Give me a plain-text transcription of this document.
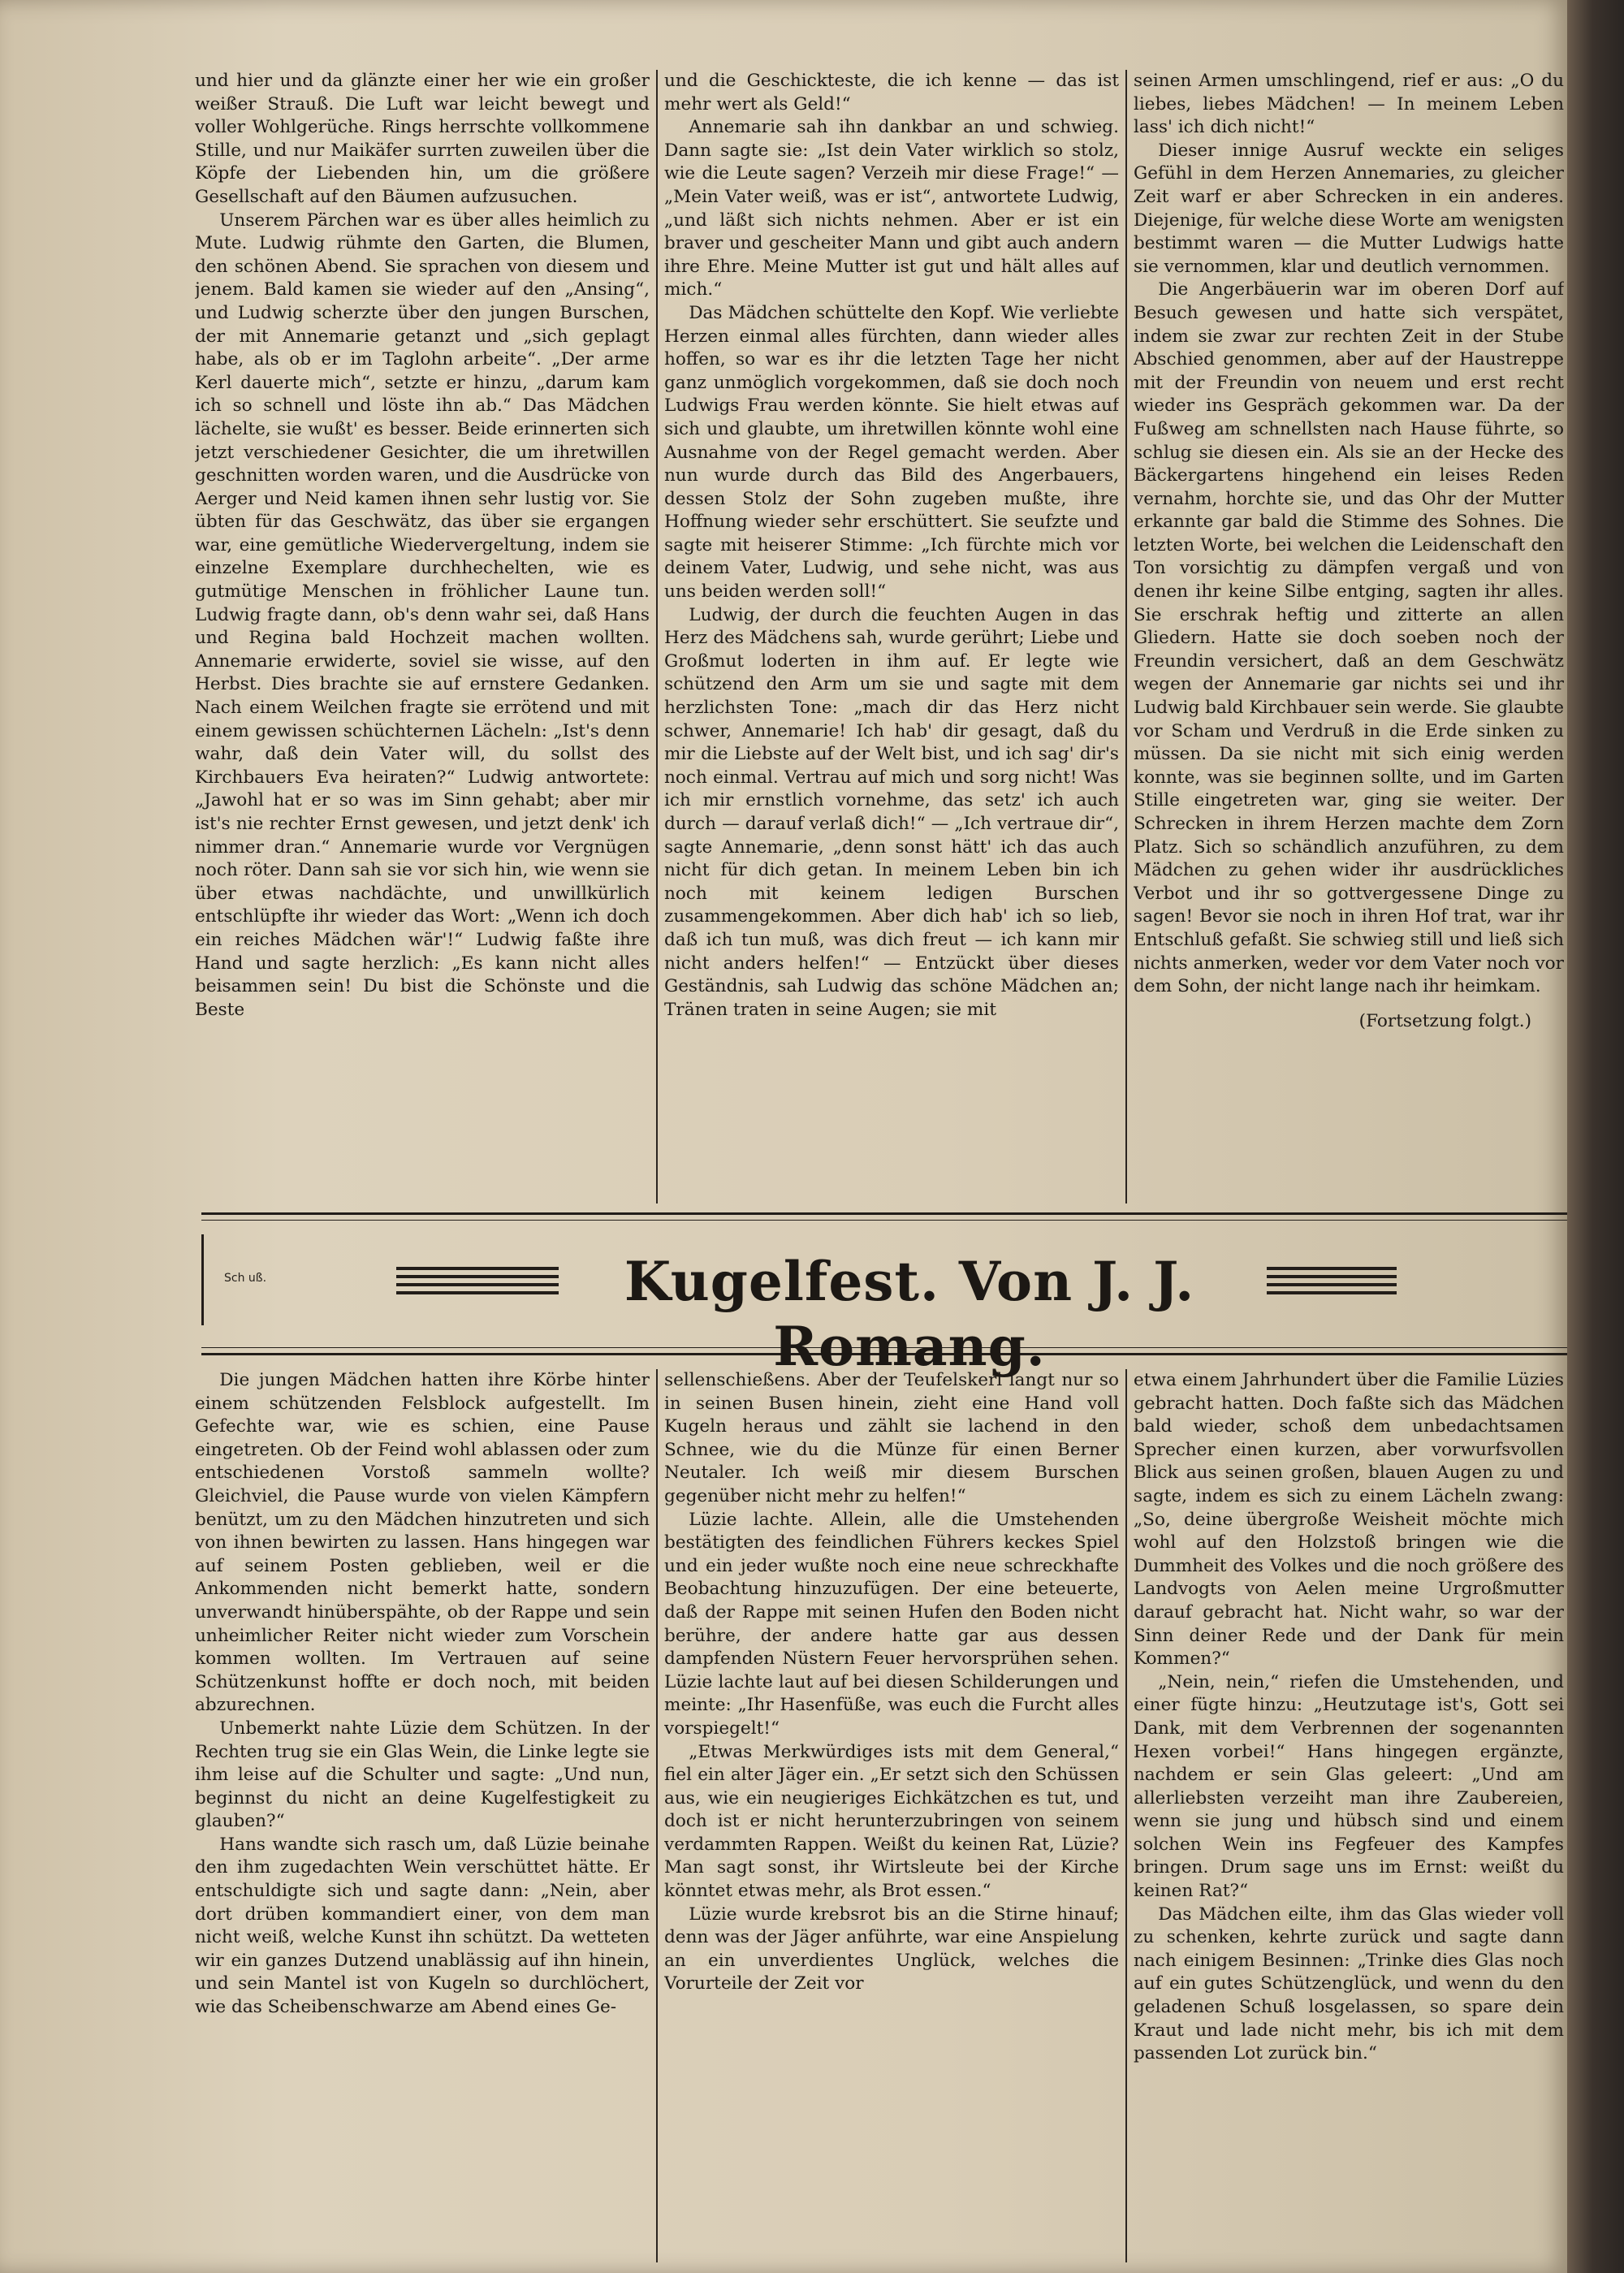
und hier und da glänzte einer her wie ein großer weißer Strauß. Die Luft war leicht bewegt und voller Wohlgerüche. Rings herrschte vollkommene Stille, und nur Maikäfer surrten zuweilen über die Köpfe der Liebenden hin, um die größere Gesellschaft auf den Bäumen aufzusuchen.

Unserem Pärchen war es über alles heimlich zu Mute. Ludwig rühmte den Garten, die Blumen, den schönen Abend. Sie sprachen von diesem und jenem. Bald kamen sie wieder auf den „Ansing“, und Ludwig scherzte über den jungen Burschen, der mit Annemarie getanzt und „sich geplagt habe, als ob er im Taglohn arbeite“. „Der arme Kerl dauerte mich“, setzte er hinzu, „darum kam ich so schnell und löste ihn ab.“ Das Mädchen lächelte, sie wußt' es besser. Beide erinnerten sich jetzt verschiedener Gesichter, die um ihretwillen geschnitten worden waren, und die Ausdrücke von Aerger und Neid kamen ihnen sehr lustig vor. Sie übten für das Geschwätz, das über sie ergangen war, eine gemütliche Wiedervergeltung, indem sie einzelne Exemplare durchhechelten, wie es gutmütige Menschen in fröhlicher Laune tun. Ludwig fragte dann, ob's denn wahr sei, daß Hans und Regina bald Hochzeit machen wollten. Annemarie erwiderte, soviel sie wisse, auf den Herbst. Dies brachte sie auf ernstere Gedanken. Nach einem Weilchen fragte sie errötend und mit einem gewissen schüchternen Lächeln: „Ist's denn wahr, daß dein Vater will, du sollst des Kirchbauers Eva heiraten?“ Ludwig antwortete: „Jawohl hat er so was im Sinn gehabt; aber mir ist's nie rechter Ernst gewesen, und jetzt denk' ich nimmer dran.“ Annemarie wurde vor Vergnügen noch röter. Dann sah sie vor sich hin, wie wenn sie über etwas nachdächte, und unwillkürlich entschlüpfte ihr wieder das Wort: „Wenn ich doch ein reiches Mädchen wär'!“ Ludwig faßte ihre Hand und sagte herzlich: „Es kann nicht alles beisammen sein! Du bist die Schönste und die Beste

und die Geschickteste, die ich kenne — das ist mehr wert als Geld!“

Annemarie sah ihn dankbar an und schwieg. Dann sagte sie: „Ist dein Vater wirklich so stolz, wie die Leute sagen? Verzeih mir diese Frage!“ — „Mein Vater weiß, was er ist“, antwortete Ludwig, „und läßt sich nichts nehmen. Aber er ist ein braver und gescheiter Mann und gibt auch andern ihre Ehre. Meine Mutter ist gut und hält alles auf mich.“

Das Mädchen schüttelte den Kopf. Wie verliebte Herzen einmal alles fürchten, dann wieder alles hoffen, so war es ihr die letzten Tage her nicht ganz unmöglich vorgekommen, daß sie doch noch Ludwigs Frau werden könnte. Sie hielt etwas auf sich und glaubte, um ihretwillen könnte wohl eine Ausnahme von der Regel gemacht werden. Aber nun wurde durch das Bild des Angerbauers, dessen Stolz der Sohn zugeben mußte, ihre Hoffnung wieder sehr erschüttert. Sie seufzte und sagte mit heiserer Stimme: „Ich fürchte mich vor deinem Vater, Ludwig, und sehe nicht, was aus uns beiden werden soll!“

Ludwig, der durch die feuchten Augen in das Herz des Mädchens sah, wurde gerührt; Liebe und Großmut loderten in ihm auf. Er legte wie schützend den Arm um sie und sagte mit dem herzlichsten Tone: „mach dir das Herz nicht schwer, Annemarie! Ich hab' dir gesagt, daß du mir die Liebste auf der Welt bist, und ich sag' dir's noch einmal. Vertrau auf mich und sorg nicht! Was ich mir ernstlich vornehme, das setz' ich auch durch — darauf verlaß dich!“ — „Ich vertraue dir“, sagte Annemarie, „denn sonst hätt' ich das auch nicht für dich getan. In meinem Leben bin ich noch mit keinem ledigen Burschen zusammengekommen. Aber dich hab' ich so lieb, daß ich tun muß, was dich freut — ich kann mir nicht anders helfen!“ — Entzückt über dieses Geständnis, sah Ludwig das schöne Mädchen an; Tränen traten in seine Augen; sie mit

seinen Armen umschlingend, rief er aus: „O du liebes, liebes Mädchen! — In meinem Leben lass' ich dich nicht!“

Dieser innige Ausruf weckte ein seliges Gefühl in dem Herzen Annemaries, zu gleicher Zeit warf er aber Schrecken in ein anderes. Diejenige, für welche diese Worte am wenigsten bestimmt waren — die Mutter Ludwigs hatte sie vernommen, klar und deutlich vernommen.

Die Angerbäuerin war im oberen Dorf auf Besuch gewesen und hatte sich verspätet, indem sie zwar zur rechten Zeit in der Stube Abschied genommen, aber auf der Haustreppe mit der Freundin von neuem und erst recht wieder ins Gespräch gekommen war. Da der Fußweg am schnellsten nach Hause führte, so schlug sie diesen ein. Als sie an der Hecke des Bäckergartens hingehend ein leises Reden vernahm, horchte sie, und das Ohr der Mutter erkannte gar bald die Stimme des Sohnes. Die letzten Worte, bei welchen die Leidenschaft den Ton vorsichtig zu dämpfen vergaß und von denen ihr keine Silbe entging, sagten ihr alles. Sie erschrak heftig und zitterte an allen Gliedern. Hatte sie doch soeben noch der Freundin versichert, daß an dem Geschwätz wegen der Annemarie gar nichts sei und ihr Ludwig bald Kirchbauer sein werde. Sie glaubte vor Scham und Verdruß in die Erde sinken zu müssen. Da sie nicht mit sich einig werden konnte, was sie beginnen sollte, und im Garten Stille eingetreten war, ging sie weiter. Der Schrecken in ihrem Herzen machte dem Zorn Platz. Sich so schändlich anzuführen, zu dem Mädchen zu gehen wider ihr ausdrückliches Verbot und ihr so gottvergessene Dinge zu sagen! Bevor sie noch in ihren Hof trat, war ihr Entschluß gefaßt. Sie schwieg still und ließ sich nichts anmerken, weder vor dem Vater noch vor dem Sohn, der nicht lange nach ihr heimkam.

(Fortsetzung folgt.)

Sch uß.	Kugelfest. Von J. J. Romang.

Die jungen Mädchen hatten ihre Körbe hinter einem schützenden Felsblock aufgestellt. Im Gefechte war, wie es schien, eine Pause eingetreten. Ob der Feind wohl ablassen oder zum entschiedenen Vorstoß sammeln wollte? Gleichviel, die Pause wurde von vielen Kämpfern benützt, um zu den Mädchen hinzutreten und sich von ihnen bewirten zu lassen. Hans hingegen war auf seinem Posten geblieben, weil er die Ankommenden nicht bemerkt hatte, sondern unverwandt hinüberspähte, ob der Rappe und sein unheimlicher Reiter nicht wieder zum Vorschein kommen wollten. Im Vertrauen auf seine Schützenkunst hoffte er doch noch, mit beiden abzurechnen.

Unbemerkt nahte Lüzie dem Schützen. In der Rechten trug sie ein Glas Wein, die Linke legte sie ihm leise auf die Schulter und sagte: „Und nun, beginnst du nicht an deine Kugelfestigkeit zu glauben?“

Hans wandte sich rasch um, daß Lüzie beinahe den ihm zugedachten Wein verschüttet hätte. Er entschuldigte sich und sagte dann: „Nein, aber dort drüben kommandiert einer, von dem man nicht weiß, welche Kunst ihn schützt. Da wetteten wir ein ganzes Dutzend unablässig auf ihn hinein, und sein Mantel ist von Kugeln so durchlöchert, wie das Scheibenschwarze am Abend eines Ge-

sellenschießens. Aber der Teufelskerl langt nur so in seinen Busen hinein, zieht eine Hand voll Kugeln heraus und zählt sie lachend in den Schnee, wie du die Münze für einen Berner Neutaler. Ich weiß mir diesem Burschen gegenüber nicht mehr zu helfen!“

Lüzie lachte. Allein, alle die Umstehenden bestätigten des feindlichen Führers keckes Spiel und ein jeder wußte noch eine neue schreckhafte Beobachtung hinzuzufügen. Der eine beteuerte, daß der Rappe mit seinen Hufen den Boden nicht berühre, der andere hatte gar aus dessen dampfenden Nüstern Feuer hervorsprühen sehen. Lüzie lachte laut auf bei diesen Schilderungen und meinte: „Ihr Hasenfüße, was euch die Furcht alles vorspiegelt!“

„Etwas Merkwürdiges ists mit dem General,“ fiel ein alter Jäger ein. „Er setzt sich den Schüssen aus, wie ein neugieriges Eichkätzchen es tut, und doch ist er nicht herunterzubringen von seinem verdammten Rappen. Weißt du keinen Rat, Lüzie? Man sagt sonst, ihr Wirtsleute bei der Kirche könntet etwas mehr, als Brot essen.“

Lüzie wurde krebsrot bis an die Stirne hinauf; denn was der Jäger anführte, war eine Anspielung an ein unverdientes Unglück, welches die Vorurteile der Zeit vor

etwa einem Jahrhundert über die Familie Lüzies gebracht hatten. Doch faßte sich das Mädchen bald wieder, schoß dem unbedachtsamen Sprecher einen kurzen, aber vorwurfsvollen Blick aus seinen großen, blauen Augen zu und sagte, indem es sich zu einem Lächeln zwang: „So, deine übergroße Weisheit möchte mich wohl auf den Holzstoß bringen wie die Dummheit des Volkes und die noch größere des Landvogts von Aelen meine Urgroßmutter darauf gebracht hat. Nicht wahr, so war der Sinn deiner Rede und der Dank für mein Kommen?“

„Nein, nein,“ riefen die Umstehenden, und einer fügte hinzu: „Heutzutage ist's, Gott sei Dank, mit dem Verbrennen der sogenannten Hexen vorbei!“ Hans hingegen ergänzte, nachdem er sein Glas geleert: „Und am allerliebsten verzeiht man ihre Zaubereien, wenn sie jung und hübsch sind und einem solchen Wein ins Fegfeuer des Kampfes bringen. Drum sage uns im Ernst: weißt du keinen Rat?“

Das Mädchen eilte, ihm das Glas wieder voll zu schenken, kehrte zurück und sagte dann nach einigem Besinnen: „Trinke dies Glas noch auf ein gutes Schützenglück, und wenn du den geladenen Schuß losgelassen, so spare dein Kraut und lade nicht mehr, bis ich mit dem passenden Lot zurück bin.“
